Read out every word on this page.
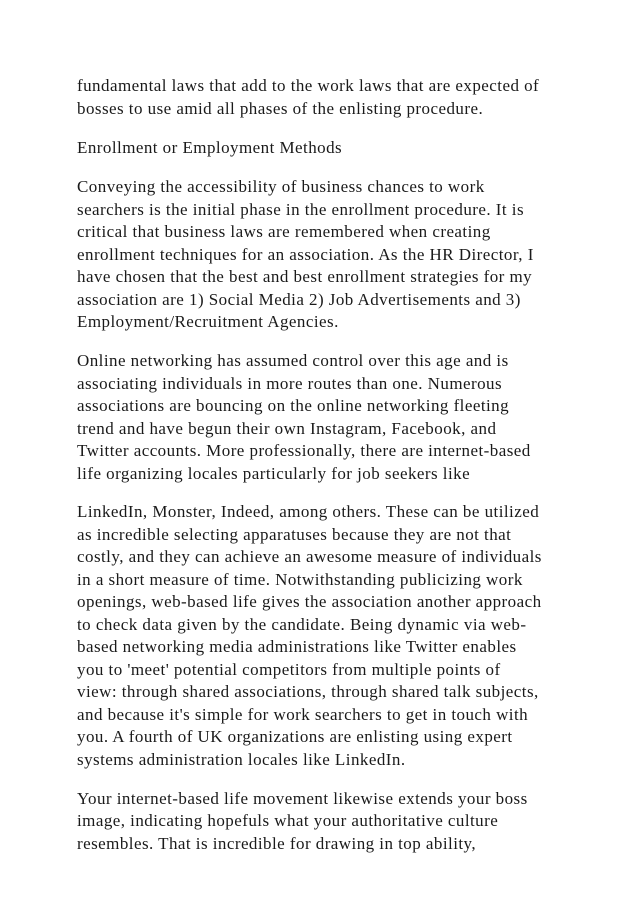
fundamental laws that add to the work laws that are expected of
bosses to use amid all phases of the enlisting procedure.
Enrollment or Employment Methods
Conveying the accessibility of business chances to work
searchers is the initial phase in the enrollment procedure. It is
critical that business laws are remembered when creating
enrollment techniques for an association. As the HR Director, I
have chosen that the best and best enrollment strategies for my
association are 1) Social Media 2) Job Advertisements and 3)
Employment/Recruitment Agencies.
Online networking has assumed control over this age and is
associating individuals in more routes than one. Numerous
associations are bouncing on the online networking fleeting
trend and have begun their own Instagram, Facebook, and
Twitter accounts. More professionally, there are internet-based
life organizing locales particularly for job seekers like
LinkedIn, Monster, Indeed, among others. These can be utilized
as incredible selecting apparatuses because they are not that
costly, and they can achieve an awesome measure of individuals
in a short measure of time. Notwithstanding publicizing work
openings, web-based life gives the association another approach
to check data given by the candidate. Being dynamic via web-
based networking media administrations like Twitter enables
you to 'meet' potential competitors from multiple points of
view: through shared associations, through shared talk subjects,
and because it's simple for work searchers to get in touch with
you. A fourth of UK organizations are enlisting using expert
systems administration locales like LinkedIn.
Your internet-based life movement likewise extends your boss
image, indicating hopefuls what your authoritative culture
resembles. That is incredible for drawing in top ability,
